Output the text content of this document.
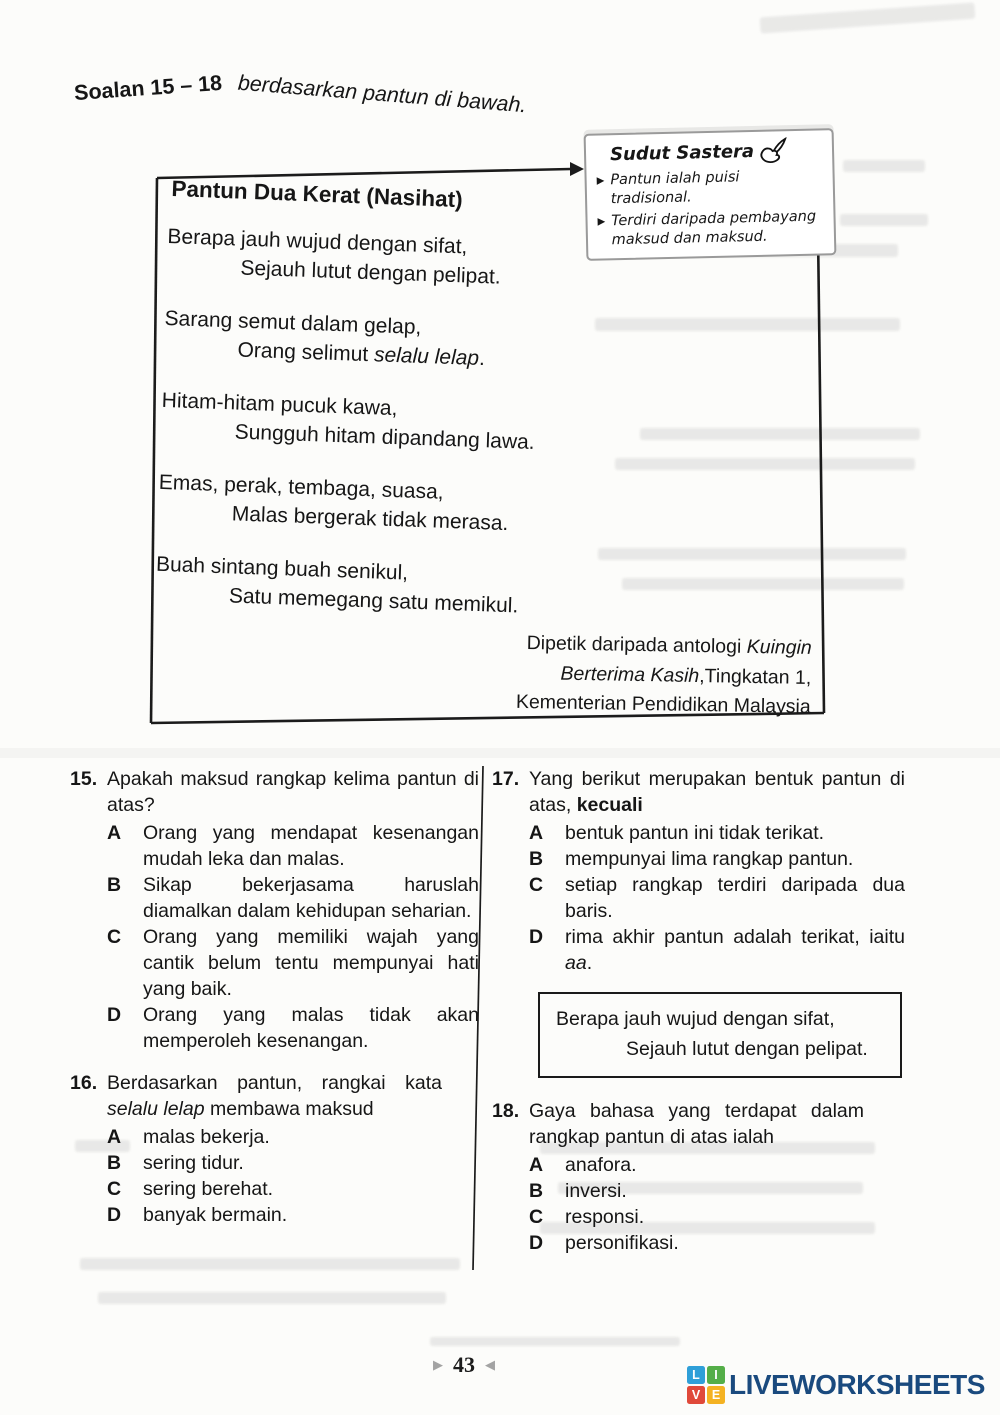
Soalan 15 – 18 berdasarkan pantun di bawah.
Pantun Dua Kerat (Nasihat)
Berapa jauh wujud dengan sifat,
Sejauh lutut dengan pelipat.
Sarang semut dalam gelap,
Orang selimut selalu lelap.
Hitam-hitam pucuk kawa,
Sungguh hitam dipandang lawa.
Emas, perak, tembaga, suasa,
Malas bergerak tidak merasa.
Buah sintang buah senikul,
Satu memegang satu memikul.
Dipetik daripada antologi Kuingin
Berterima Kasih,Tingkatan 1,
Kementerian Pendidikan Malaysia
Sudut Sastera
▶ Pantun ialah puisi tradisional.
▶ Terdiri daripada pembayang maksud dan maksud.
15. Apakah maksud rangkap kelima pantun di atas?
A	Orang yang mendapat kesenangan mudah leka dan malas.
B	Sikap bekerjasama haruslah diamalkan dalam kehidupan seharian.
C	Orang yang memiliki wajah yang cantik belum tentu mempunyai hati yang baik.
D	Orang yang malas tidak akan memperoleh kesenangan.
16. Berdasarkan pantun, rangkai kata selalu lelap membawa maksud
A	malas bekerja.
B	sering tidur.
C	sering berehat.
D	banyak bermain.
17. Yang berikut merupakan bentuk pantun di atas, kecuali
A	bentuk pantun ini tidak terikat.
B	mempunyai lima rangkap pantun.
C	setiap rangkap terdiri daripada dua baris.
D	rima akhir pantun adalah terikat, iaitu aa.
Berapa jauh wujud dengan sifat,
Sejauh lutut dengan pelipat.
18. Gaya bahasa yang terdapat dalam rangkap pantun di atas ialah
A	anafora.
B	inversi.
C	responsi.
D	personifikasi.
▶ 43 ◀
L	I
V E LIVEWORKSHEETS
